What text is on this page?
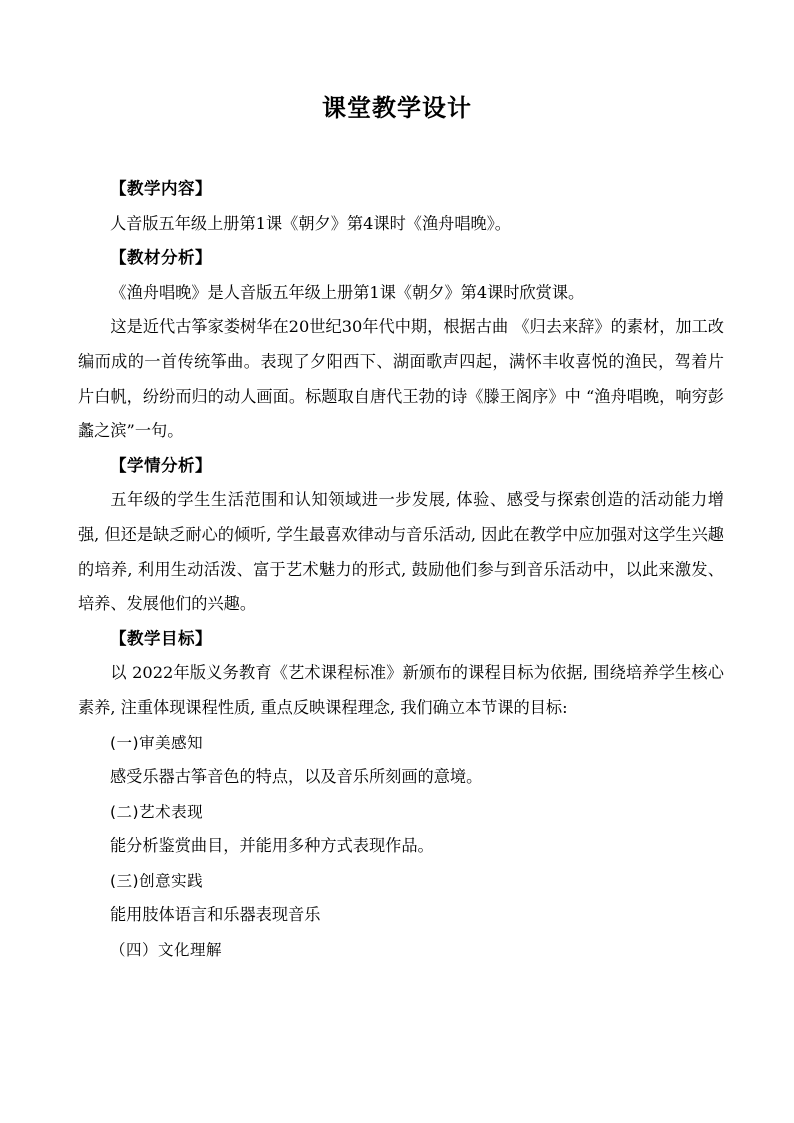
课堂教学设计
【教学内容】
人音版五年级上册第1课《朝夕》第4课时《渔舟唱晚》。
【教材分析】
《渔舟唱晚》是人音版五年级上册第1课《朝夕》第4课时欣赏课。
这是近代古筝家娄树华在20世纪30年代中期，根据古曲 《归去来辞》的素材，加工改编而成的一首传统筝曲。表现了夕阳西下、湖面歌声四起，满怀丰收喜悦的渔民，驾着片片白帆，纷纷而归的动人画面。标题取自唐代王勃的诗《滕王阁序》中 “渔舟唱晚，响穷彭蠡之滨”一句。
【学情分析】
五年级的学生生活范围和认知领域进一步发展, 体验、感受与探索创造的活动能力增强, 但还是缺乏耐心的倾听, 学生最喜欢律动与音乐活动, 因此在教学中应加强对这学生兴趣的培养, 利用生动活泼、富于艺术魅力的形式, 鼓励他们参与到音乐活动中，以此来激发、培养、发展他们的兴趣。
【教学目标】
以 2022年版义务教育《艺术课程标准》新颁布的课程目标为依据, 围绕培养学生核心素养, 注重体现课程性质, 重点反映课程理念, 我们确立本节课的目标:
(一)审美感知
感受乐器古筝音色的特点，以及音乐所刻画的意境。
(二)艺术表现
能分析鉴赏曲目，并能用多种方式表现作品。
(三)创意实践
能用肢体语言和乐器表现音乐
（四）文化理解
